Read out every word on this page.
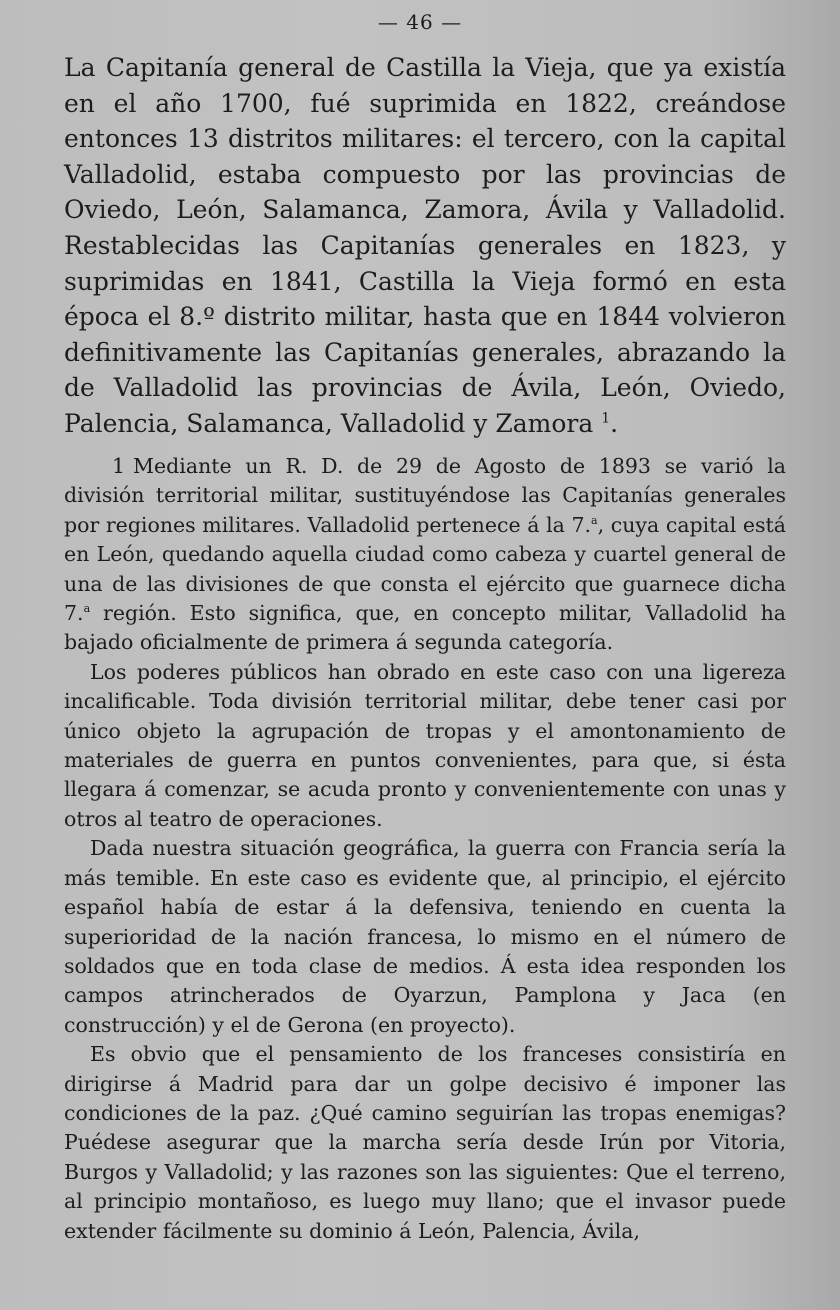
— 46 —

La Capitanía general de Castilla la Vieja, que ya existía en el año 1700, fué suprimida en 1822, creándose entonces 13 distritos militares: el tercero, con la capital Valladolid, estaba compuesto por las provincias de Oviedo, León, Salamanca, Zamora, Ávila y Valladolid. Restablecidas las Capitanías generales en 1823, y suprimidas en 1841, Castilla la Vieja formó en esta época el 8.º distrito militar, hasta que en 1844 volvieron definitivamente las Capitanías generales, abrazando la de Valladolid las provincias de Ávila, León, Oviedo, Palencia, Salamanca, Valladolid y Zamora $^1$.

1 Mediante un R. D. de 29 de Agosto de 1893 se varió la división territorial militar, sustituyéndose las Capitanías generales por regiones militares. Valladolid pertenece á la 7.$^a$, cuya capital está en León, quedando aquella ciudad como cabeza y cuartel general de una de las divisiones de que consta el ejército que guarnece dicha 7.$^a$ región. Esto significa, que, en concepto militar, Valladolid ha bajado oficialmente de primera á segunda categoría.

Los poderes públicos han obrado en este caso con una ligereza incalificable. Toda división territorial militar, debe tener casi por único objeto la agrupación de tropas y el amontonamiento de materiales de guerra en puntos convenientes, para que, si ésta llegara á comenzar, se acuda pronto y convenientemente con unas y otros al teatro de operaciones.

Dada nuestra situación geográfica, la guerra con Francia sería la más temible. En este caso es evidente que, al principio, el ejército español había de estar á la defensiva, teniendo en cuenta la superioridad de la nación francesa, lo mismo en el número de soldados que en toda clase de medios. Á esta idea responden los campos atrincherados de Oyarzun, Pamplona y Jaca (en construcción) y el de Gerona (en proyecto).

Es obvio que el pensamiento de los franceses consistiría en dirigirse á Madrid para dar un golpe decisivo é imponer las condiciones de la paz. ¿Qué camino seguirían las tropas enemigas? Puédese asegurar que la marcha sería desde Irún por Vitoria, Burgos y Valladolid; y las razones son las siguientes: Que el terreno, al principio montañoso, es luego muy llano; que el invasor puede extender fácilmente su dominio á León, Palencia, Ávila,
